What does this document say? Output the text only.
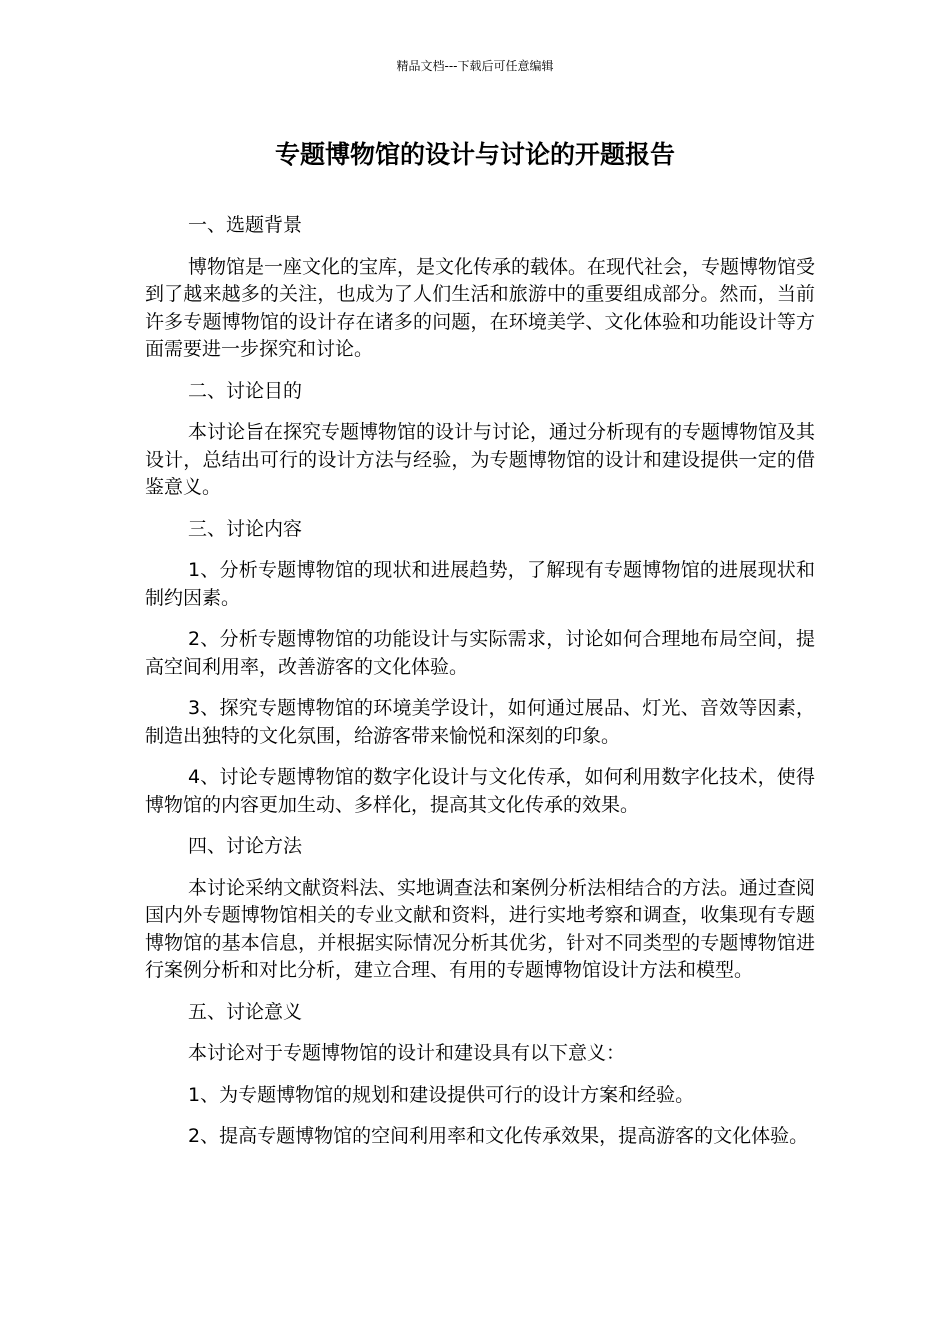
精品文档---下载后可任意编辑
专题博物馆的设计与讨论的开题报告

一、选题背景

博物馆是一座文化的宝库，是文化传承的载体。在现代社会，专题博物馆受到了越来越多的关注，也成为了人们生活和旅游中的重要组成部分。然而，当前许多专题博物馆的设计存在诸多的问题，在环境美学、文化体验和功能设计等方面需要进一步探究和讨论。

二、讨论目的

本讨论旨在探究专题博物馆的设计与讨论，通过分析现有的专题博物馆及其设计，总结出可行的设计方法与经验，为专题博物馆的设计和建设提供一定的借鉴意义。

三、讨论内容

1、分析专题博物馆的现状和进展趋势，了解现有专题博物馆的进展现状和制约因素。

2、分析专题博物馆的功能设计与实际需求，讨论如何合理地布局空间，提高空间利用率，改善游客的文化体验。

3、探究专题博物馆的环境美学设计，如何通过展品、灯光、音效等因素，制造出独特的文化氛围，给游客带来愉悦和深刻的印象。

4、讨论专题博物馆的数字化设计与文化传承，如何利用数字化技术，使得博物馆的内容更加生动、多样化，提高其文化传承的效果。

四、讨论方法

本讨论采纳文献资料法、实地调查法和案例分析法相结合的方法。通过查阅国内外专题博物馆相关的专业文献和资料，进行实地考察和调查，收集现有专题博物馆的基本信息，并根据实际情况分析其优劣，针对不同类型的专题博物馆进行案例分析和对比分析，建立合理、有用的专题博物馆设计方法和模型。

五、讨论意义

本讨论对于专题博物馆的设计和建设具有以下意义：

1、为专题博物馆的规划和建设提供可行的设计方案和经验。

2、提高专题博物馆的空间利用率和文化传承效果，提高游客的文化体验。
